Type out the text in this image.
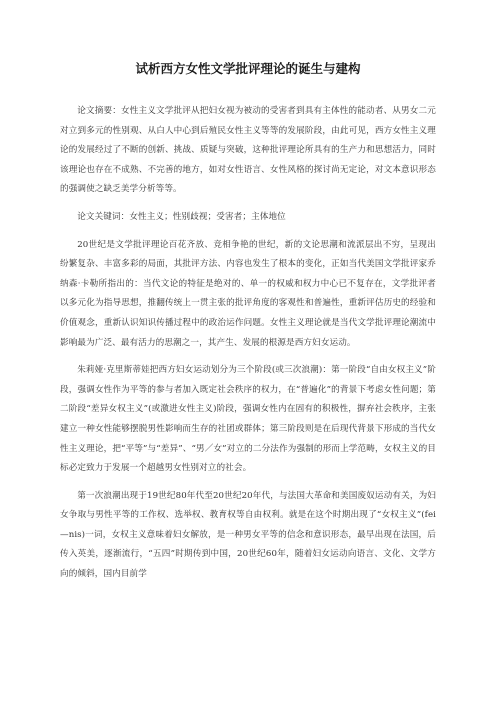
试析西方女性文学批评理论的诞生与建构

论文摘要：女性主义文学批评从把妇女视为被动的受害者到具有主体性的能动者、从男女二元对立到多元的性别观、从白人中心到后殖民女性主义等等的发展阶段，由此可见，西方女性主义理论的发展经过了不断的创新、挑战、质疑与突破，这种批评理论所具有的生产力和思想活力，同时该理论也存在不成熟、不完善的地方，如对女性语言、女性风格的探讨尚无定论，对文本意识形态的强调使之缺乏美学分析等等。

论文关键词：女性主义；性别歧视；受害者；主体地位

20世纪是文学批评理论百花齐放、竞相争艳的世纪，新的文论思潮和流派层出不穷，呈现出纷繁复杂、丰富多彩的局面，其批评方法、内容也发生了根本的变化，正如当代美国文学批评家乔纳森·卡勒所指出的：当代文论的特征是绝对的、单一的权威和权力中心已不复存在，文学批评者以多元化为指导思想，推翻传统上一贯主张的批评角度的客观性和普遍性，重新评估历史的经验和价值观念，重新认识知识传播过程中的政治运作问题。女性主义理论就是当代文学批评理论潮流中影响最为广泛、最有活力的思潮之一，其产生、发展的根源是西方妇女运动。

朱莉娅·克里斯蒂娃把西方妇女运动划分为三个阶段(或三次浪潮)：第一阶段“自由女权主义”阶段，强调女性作为平等的参与者加入既定社会秩序的权力，在“普遍化”的背景下考虑女性问题；第二阶段“差异女权主义”(或激进女性主义)阶段，强调女性内在固有的积极性，摒弃社会秩序，主张建立一种女性能够摆脱男性影响而生存的社团或群体；第三阶段则是在后现代背景下形成的当代女性主义理论，把“平等”与“差异”、“男／女”对立的二分法作为强制的形而上学范畴，女权主义的目标必定致力于发展一个超越男女性别对立的社会。

第一次浪潮出现于19世纪80年代至20世纪20年代，与法国大革命和美国废奴运动有关，为妇女争取与男性平等的工作权、选举权、教育权等自由权利。就是在这个时期出现了“女权主义”(fei—nis)一词，女权主义意味着妇女解放，是一种男女平等的信念和意识形态，最早出现在法国，后传入英美，逐渐流行，“五四”时期传到中国，20世纪60年，随着妇女运动向语言、文化、文学方向的倾斜，国内目前学
